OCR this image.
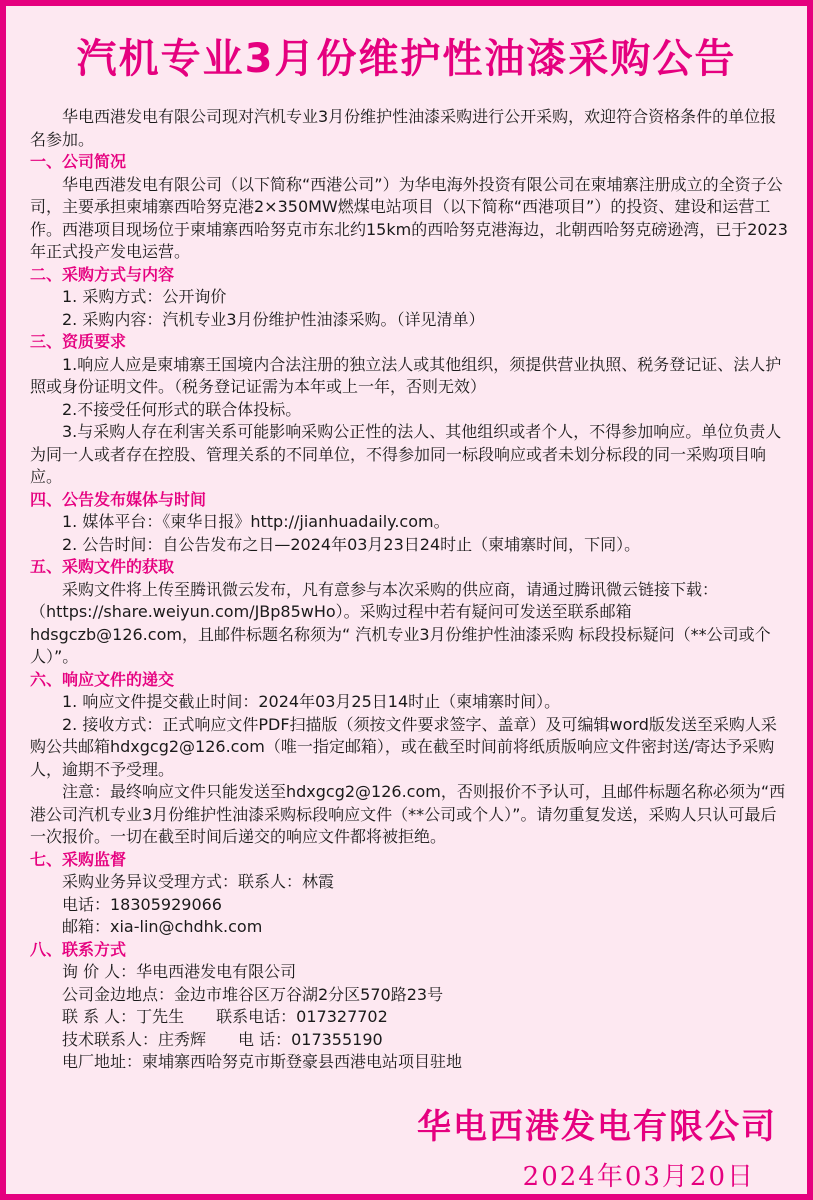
汽机专业3月份维护性油漆采购公告

华电西港发电有限公司现对汽机专业3月份维护性油漆采购进行公开采购，欢迎符合资格条件的单位报名参加。

一、公司简况

华电西港发电有限公司（以下简称“西港公司”）为华电海外投资有限公司在柬埔寨注册成立的全资子公司，主要承担柬埔寨西哈努克港2×350MW燃煤电站项目（以下简称“西港项目”）的投资、建设和运营工作。西港项目现场位于柬埔寨西哈努克市东北约15km的西哈努克港海边，北朝西哈努克磅逊湾，已于2023年正式投产发电运营。

二、采购方式与内容

1. 采购方式：公开询价

2. 采购内容：汽机专业3月份维护性油漆采购。（详见清单）

三、资质要求

1.响应人应是柬埔寨王国境内合法注册的独立法人或其他组织，须提供营业执照、税务登记证、法人护照或身份证明文件。（税务登记证需为本年或上一年，否则无效）

2.不接受任何形式的联合体投标。

3.与采购人存在利害关系可能影响采购公正性的法人、其他组织或者个人，不得参加响应。单位负责人为同一人或者存在控股、管理关系的不同单位，不得参加同一标段响应或者未划分标段的同一采购项目响应。

四、公告发布媒体与时间

1. 媒体平台：《柬华日报》http://jianhuadaily.com。

2. 公告时间：自公告发布之日—2024年03月23日24时止（柬埔寨时间，下同）。

五、采购文件的获取

采购文件将上传至腾讯微云发布，凡有意参与本次采购的供应商，请通过腾讯微云链接下载：（https://share.weiyun.com/JBp85wHo）。采购过程中若有疑问可发送至联系邮箱hdsgczb@126.com，且邮件标题名称须为“ 汽机专业3月份维护性油漆采购 标段投标疑问（**公司或个人）”。

六、响应文件的递交

1. 响应文件提交截止时间：2024年03月25日14时止（柬埔寨时间）。

2. 接收方式：正式响应文件PDF扫描版（须按文件要求签字、盖章）及可编辑word版发送至采购人采购公共邮箱hdxgcg2@126.com（唯一指定邮箱），或在截至时间前将纸质版响应文件密封送/寄达予采购人，逾期不予受理。

注意：最终响应文件只能发送至hdxgcg2@126.com，否则报价不予认可，且邮件标题名称必须为“西港公司汽机专业3月份维护性油漆采购标段响应文件（**公司或个人）”。请勿重复发送，采购人只认可最后一次报价。一切在截至时间后递交的响应文件都将被拒绝。

七、采购监督

采购业务异议受理方式：联系人：林霞

电话：18305929066

邮箱：xia-lin@chdhk.com

八、联系方式

询 价 人：华电西港发电有限公司

公司金边地点：金边市堆谷区万谷湖2分区570路23号

联 系 人：丁先生　　联系电话：017327702

技术联系人：庄秀辉　　电 话：017355190

电厂地址：柬埔寨西哈努克市斯登豪县西港电站项目驻地

华电西港发电有限公司
2024年03月20日
